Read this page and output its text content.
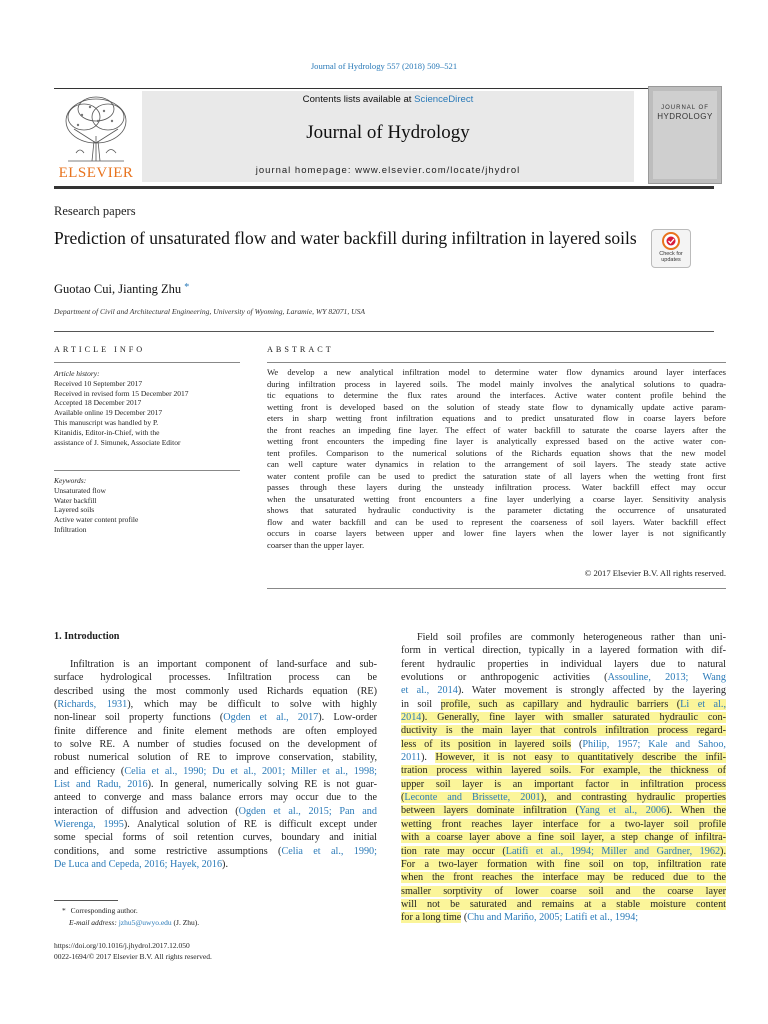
Journal of Hydrology 557 (2018) 509–521
ELSEVIER
Contents lists available at ScienceDirect
Journal of Hydrology
journal homepage: www.elsevier.com/locate/jhydrol
JOURNAL OF
HYDROLOGY
Research papers
Prediction of unsaturated flow and water backfill during infiltration in layered soils
Check for
updates
Guotao Cui, Jianting Zhu *
Department of Civil and Architectural Engineering, University of Wyoming, Laramie, WY 82071, USA
ARTICLE INFO
Article history:
Received 10 September 2017
Received in revised form 15 December 2017
Accepted 18 December 2017
Available online 19 December 2017
This manuscript was handled by P.
Kitanidis, Editor-in-Chief, with the
assistance of J. Simunek, Associate Editor
Keywords:
Unsaturated flow
Water backfill
Layered soils
Active water content profile
Infiltration
ABSTRACT
We develop a new analytical infiltration model to determine water flow dynamics around layer interfaces
during infiltration process in layered soils. The model mainly involves the analytical solutions to quadra-
tic equations to determine the flux rates around the interfaces. Active water content profile behind the
wetting front is developed based on the solution of steady state flow to dynamically update active param-
eters in sharp wetting front infiltration equations and to predict unsaturated flow in coarse layers before
the front reaches an impeding fine layer. The effect of water backfill to saturate the coarse layers after the
wetting front encounters the impeding fine layer is analytically expressed based on the active water con-
tent profiles. Comparison to the numerical solutions of the Richards equation shows that the new model
can well capture water dynamics in relation to the arrangement of soil layers. The steady state active
water content profile can be used to predict the saturation state of all layers when the wetting front first
passes through these layers during the unsteady infiltration process. Water backfill effect may occur
when the unsaturated wetting front encounters a fine layer underlying a coarse layer. Sensitivity analysis
shows that saturated hydraulic conductivity is the parameter dictating the occurrence of unsaturated
flow and water backfill and can be used to represent the coarseness of soil layers. Water backfill effect
occurs in coarse layers between upper and lower fine layers when the lower layer is not significantly
coarser than the upper layer.
© 2017 Elsevier B.V. All rights reserved.
1. Introduction
Infiltration is an important component of land-surface and sub-
surface hydrological processes. Infiltration process can be
described using the most commonly used Richards equation (RE)
(Richards, 1931), which may be difficult to solve with highly
non-linear soil property functions (Ogden et al., 2017). Low-order
finite difference and finite element methods are often employed
to solve RE. A number of studies focused on the development of
robust numerical solution of RE to improve conservation, stability,
and efficiency (Celia et al., 1990; Du et al., 2001; Miller et al., 1998;
List and Radu, 2016). In general, numerically solving RE is not guar-
anteed to converge and mass balance errors may occur due to the
interaction of diffusion and advection (Ogden et al., 2015; Pan and
Wierenga, 1995). Analytical solution of RE is difficult except under
some special forms of soil retention curves, boundary and initial
conditions, and some restrictive assumptions (Celia et al., 1990;
De Luca and Cepeda, 2016; Hayek, 2016).
Field soil profiles are commonly heterogeneous rather than uni-
form in vertical direction, typically in a layered formation with dif-
ferent hydraulic properties in individual layers due to natural
evolutions or anthropogenic activities (Assouline, 2013; Wang
et al., 2014). Water movement is strongly affected by the layering
in soil profile, such as capillary and hydraulic barriers (Li et al.,
2014). Generally, fine layer with smaller saturated hydraulic con-
ductivity is the main layer that controls infiltration process regard-
less of its position in layered soils (Philip, 1957; Kale and Sahoo,
2011). However, it is not easy to quantitatively describe the infil-
tration process within layered soils. For example, the thickness of
upper soil layer is an important factor in infiltration process
(Leconte and Brissette, 2001), and contrasting hydraulic properties
between layers dominate infiltration (Yang et al., 2006). When the
wetting front reaches layer interface for a two-layer soil profile
with a coarse layer above a fine soil layer, a step change of infiltra-
tion rate may occur (Latifi et al., 1994; Miller and Gardner, 1962).
For a two-layer formation with fine soil on top, infiltration rate
when the front reaches the interface may be reduced due to the
smaller sorptivity of lower coarse soil and the coarse layer
will not be saturated and remains at a stable moisture content
for a long time (Chu and Mariño, 2005; Latifi et al., 1994;
* Corresponding author.
E-mail address: jzhu5@uwyo.edu (J. Zhu).
https://doi.org/10.1016/j.jhydrol.2017.12.050
0022-1694/© 2017 Elsevier B.V. All rights reserved.
